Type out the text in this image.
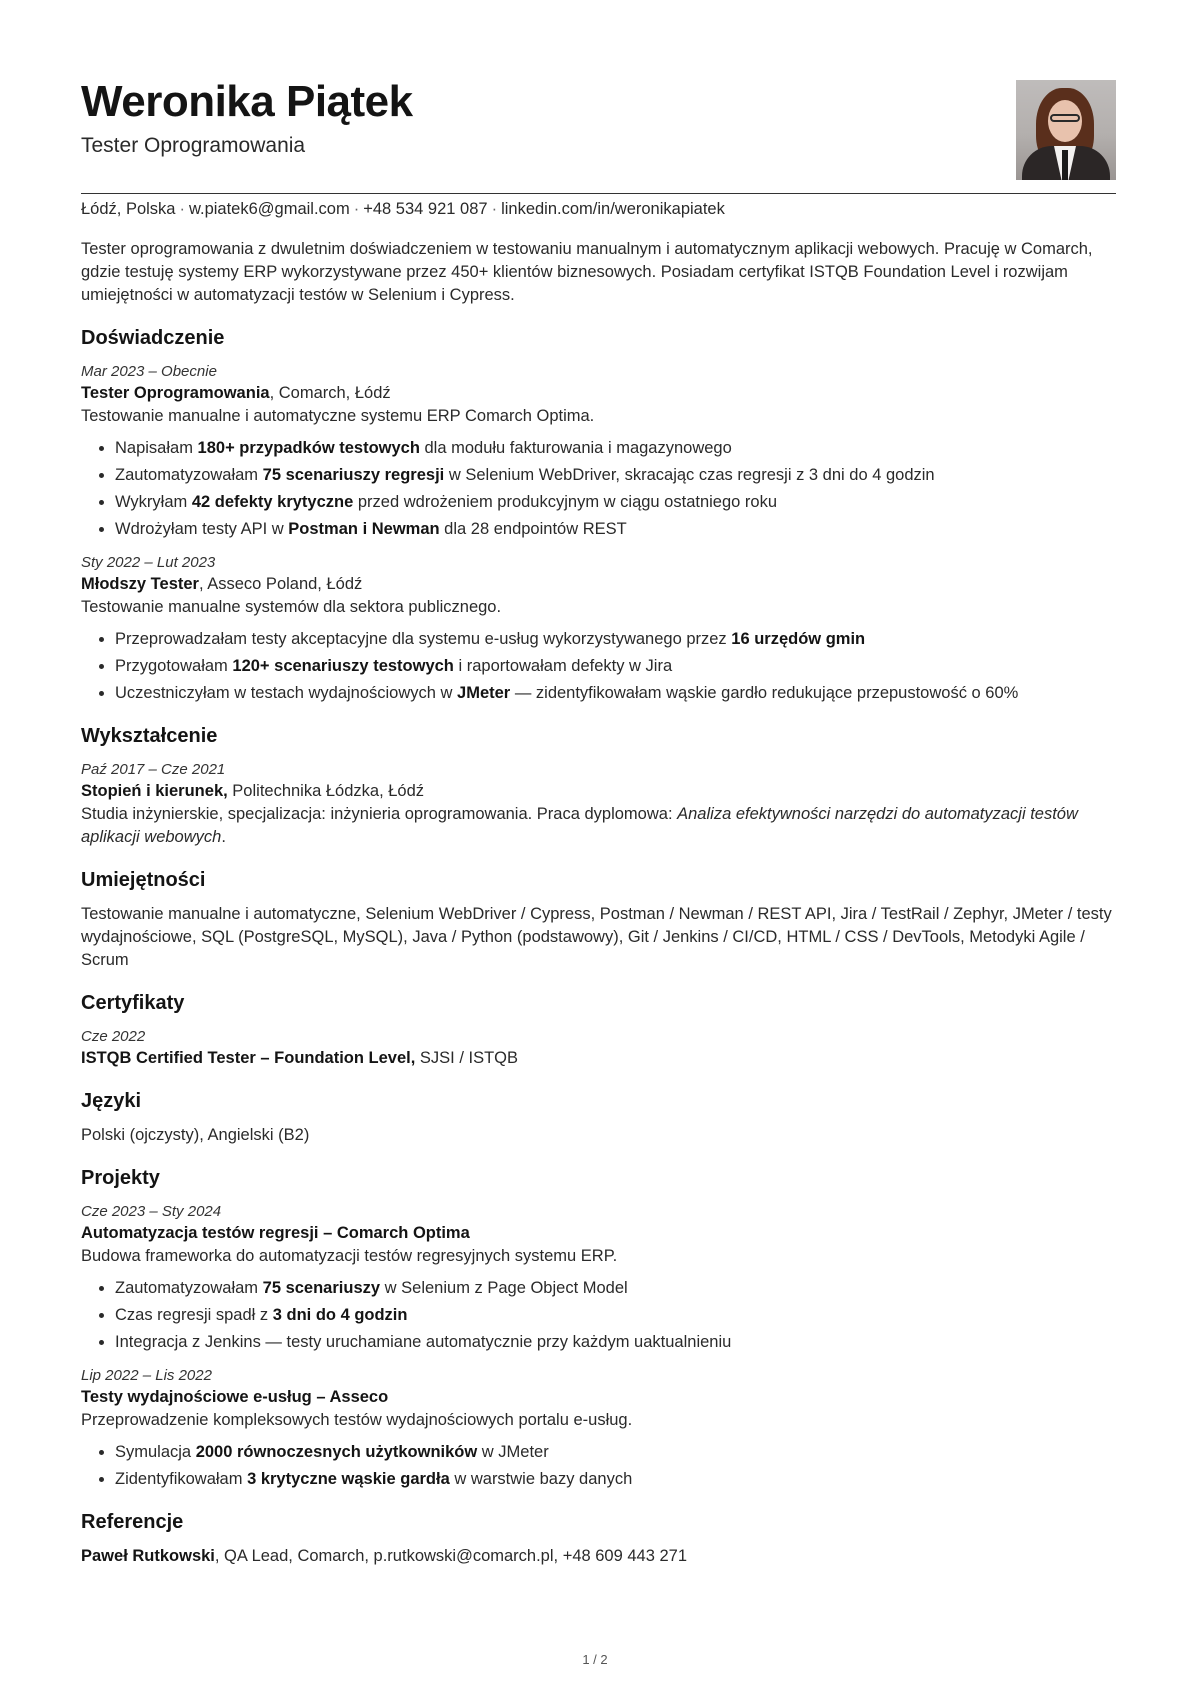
Weronika Piątek
Tester Oprogramowania
Łódź, Polska · w.piatek6@gmail.com · +48 534 921 087 · linkedin.com/in/weronikapiatek
Tester oprogramowania z dwuletnim doświadczeniem w testowaniu manualnym i automatycznym aplikacji webowych. Pracuję w Comarch, gdzie testuję systemy ERP wykorzystywane przez 450+ klientów biznesowych. Posiadam certyfikat ISTQB Foundation Level i rozwijam umiejętności w automatyzacji testów w Selenium i Cypress.
Doświadczenie
Mar 2023 – Obecnie
Tester Oprogramowania, Comarch, Łódź
Testowanie manualne i automatyczne systemu ERP Comarch Optima.
• Napisałam 180+ przypadków testowych dla modułu fakturowania i magazynowego
• Zautomatyzowałam 75 scenariuszy regresji w Selenium WebDriver, skracając czas regresji z 3 dni do 4 godzin
• Wykryłam 42 defekty krytyczne przed wdrożeniem produkcyjnym w ciągu ostatniego roku
• Wdrożyłam testy API w Postman i Newman dla 28 endpointów REST
Sty 2022 – Lut 2023
Młodszy Tester, Asseco Poland, Łódź
Testowanie manualne systemów dla sektora publicznego.
• Przeprowadzałam testy akceptacyjne dla systemu e-usług wykorzystywanego przez 16 urzędów gmin
• Przygotowałam 120+ scenariuszy testowych i raportowałam defekty w Jira
• Uczestniczyłam w testach wydajnościowych w JMeter — zidentyfikowałam wąskie gardło redukujące przepustowość o 60%
Wykształcenie
Paź 2017 – Cze 2021
Stopień i kierunek, Politechnika Łódzka, Łódź
Studia inżynierskie, specjalizacja: inżynieria oprogramowania. Praca dyplomowa: Analiza efektywności narzędzi do automatyzacji testów aplikacji webowych.
Umiejętności
Testowanie manualne i automatyczne, Selenium WebDriver / Cypress, Postman / Newman / REST API, Jira / TestRail / Zephyr, JMeter / testy wydajnościowe, SQL (PostgreSQL, MySQL), Java / Python (podstawowy), Git / Jenkins / CI/CD, HTML / CSS / DevTools, Metodyki Agile / Scrum
Certyfikaty
Cze 2022
ISTQB Certified Tester – Foundation Level, SJSI / ISTQB
Języki
Polski (ojczysty), Angielski (B2)
Projekty
Cze 2023 – Sty 2024
Automatyzacja testów regresji – Comarch Optima
Budowa frameworka do automatyzacji testów regresyjnych systemu ERP.
• Zautomatyzowałam 75 scenariuszy w Selenium z Page Object Model
• Czas regresji spadł z 3 dni do 4 godzin
• Integracja z Jenkins — testy uruchamiane automatycznie przy każdym uaktualnieniu
Lip 2022 – Lis 2022
Testy wydajnościowe e-usług – Asseco
Przeprowadzenie kompleksowych testów wydajnościowych portalu e-usług.
• Symulacja 2000 równoczesnych użytkowników w JMeter
• Zidentyfikowałam 3 krytyczne wąskie gardła w warstwie bazy danych
Referencje
Paweł Rutkowski, QA Lead, Comarch, p.rutkowski@comarch.pl, +48 609 443 271
1 / 2
